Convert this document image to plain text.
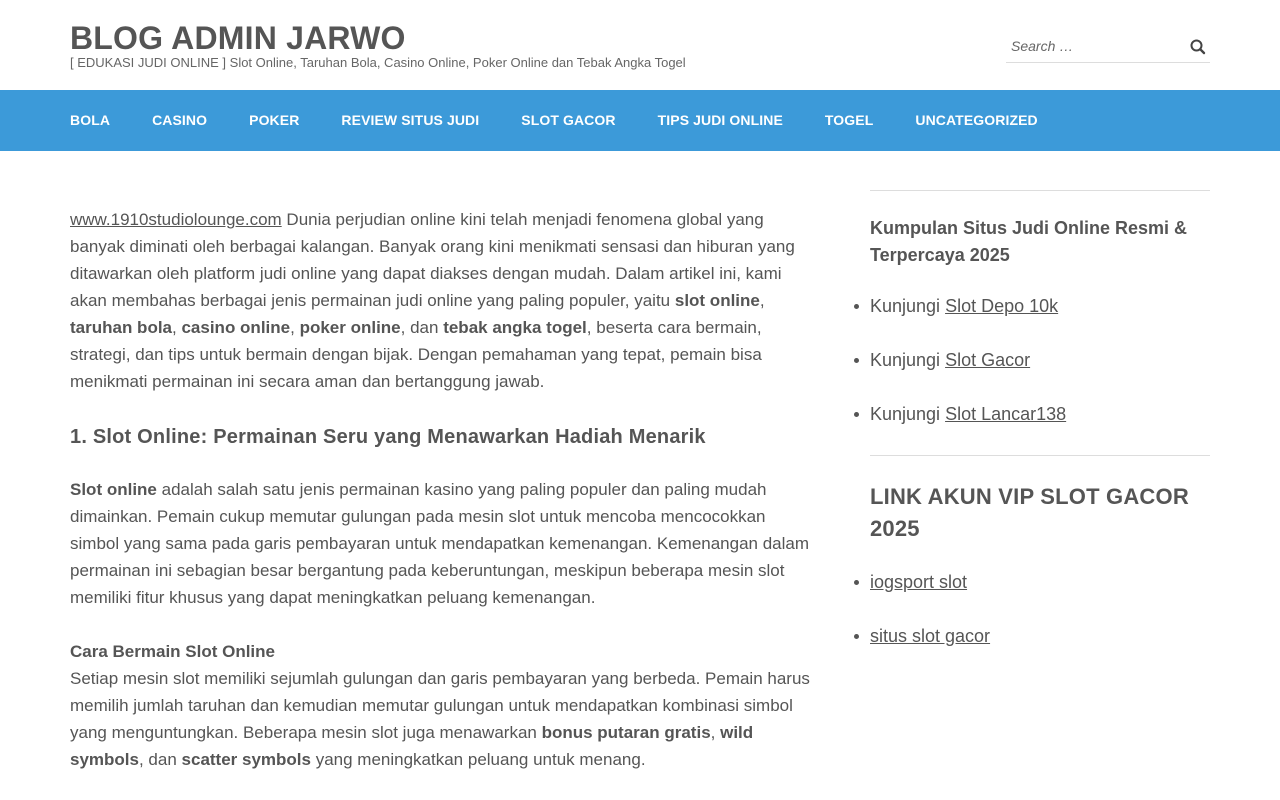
BLOG ADMIN JARWO

[ EDUKASI JUDI ONLINE ] Slot Online, Taruhan Bola, Casino Online, Poker Online dan Tebak Angka Togel

Search …
BOLA	CASINO	POKER	REVIEW SITUS JUDI	SLOT GACOR	TIPS JUDI ONLINE	TOGEL	UNCATEGORIZED

www.1910studiolounge.com Dunia perjudian online kini telah menjadi fenomena global yang banyak diminati oleh berbagai kalangan. Banyak orang kini menikmati sensasi dan hiburan yang ditawarkan oleh platform judi online yang dapat diakses dengan mudah. Dalam artikel ini, kami akan membahas berbagai jenis permainan judi online yang paling populer, yaitu slot online, taruhan bola, casino online, poker online, dan tebak angka togel, beserta cara bermain, strategi, dan tips untuk bermain dengan bijak. Dengan pemahaman yang tepat, pemain bisa menikmati permainan ini secara aman dan bertanggung jawab.

1. Slot Online: Permainan Seru yang Menawarkan Hadiah Menarik

Slot online adalah salah satu jenis permainan kasino yang paling populer dan paling mudah dimainkan. Pemain cukup memutar gulungan pada mesin slot untuk mencoba mencocokkan simbol yang sama pada garis pembayaran untuk mendapatkan kemenangan. Kemenangan dalam permainan ini sebagian besar bergantung pada keberuntungan, meskipun beberapa mesin slot memiliki fitur khusus yang dapat meningkatkan peluang kemenangan.

Cara Bermain Slot Online

Setiap mesin slot memiliki sejumlah gulungan dan garis pembayaran yang berbeda. Pemain harus memilih jumlah taruhan dan kemudian memutar gulungan untuk mendapatkan kombinasi simbol yang menguntungkan. Beberapa mesin slot juga menawarkan bonus putaran gratis, wild symbols, dan scatter symbols yang meningkatkan peluang untuk menang.

Kumpulan Situs Judi Online Resmi & Terpercaya 2025
Kunjungi Slot Depo 10k
Kunjungi Slot Gacor
Kunjungi Slot Lancar138
LINK AKUN VIP SLOT GACOR 2025
iogsport slot
situs slot gacor
